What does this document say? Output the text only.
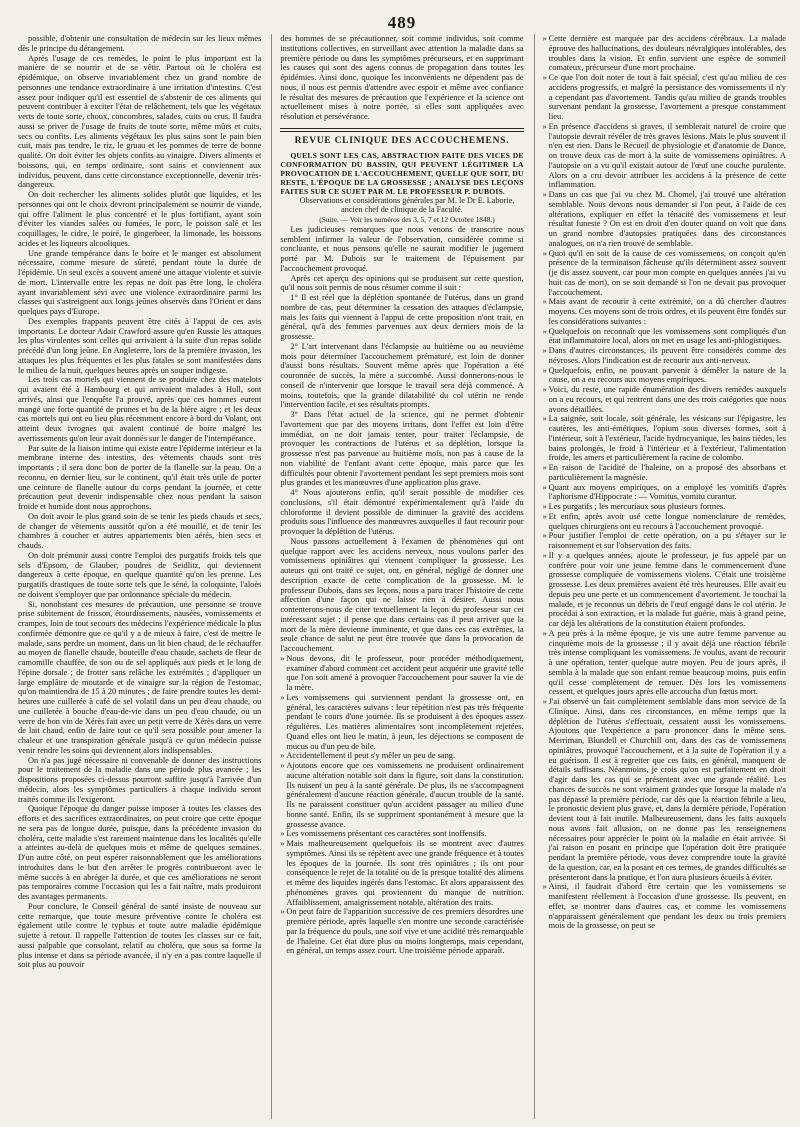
489

possible, d'obtenir une consultation de médecin sur les lieux mêmes dès le principe du dérangement.

Après l'usage de ces remèdes, le point le plus important est la manière de se nourrir et de se vêtir. Partout où le choléra est épidémique, on observe invariablement chez un grand nombre de personnes une tendance extraordinaire à une irritation d'intestins. C'est assez pour indiquer qu'il est essentiel de s'abstenir de ces aliments qui peuvent contribuer à exciter l'état de relâchement, tels que les végétaux verts de toute sorte, choux, concombres, salades, cuits ou crus. Il faudra aussi se priver de l'usage de fruits de toute sorte, même mûrs et cuits, secs ou confits. Les aliments végétaux les plus sains sont le pain bien cuit, mais pas tendre, le riz, le gruau et les pommes de terre de bonne qualité. On doit éviter les objets confits au vinaigre. Divers aliments et boissons, qui, en temps ordinaire, sont sains et conviennent aux individus, peuvent, dans cette circonstance exceptionnelle, devenir très-dangereux.

On doit rechercher les aliments solides plutôt que liquides, et les personnes qui ont le choix devront principalement se nourrir de viande, qui offre l'aliment le plus concentré et le plus fortifiant, ayant soin d'éviter les viandes salées ou fumées, le porc, le poisson salé et les coquillages, le cidre, le poiré, le gingerbeer, la limonade, les boissons acides et les liqueurs alcooliques.

Une grande tempérance dans le boire et le manger est absolument nécessaire, comme mesure de sûreté, pendant toute la durée de l'épidémie. Un seul excès a souvent amené une attaque violente et suivie de mort. L'intervalle entre les repas ne doit pas être long, le choléra ayant invariablement sévi avec une violence extraordinaire parmi les classes qui s'astreignent aux longs jeûnes observés dans l'Orient et dans quelques pays d'Europe.

Des exemples frappants peuvent être cités à l'appui de ces avis importants. Le docteur Adair Crawford assure qu'en Russie les attaques les plus virulentes sont celles qui arrivaient à la suite d'un repas solide précédé d'un long jeûne. En Angleterre, lors de la première invasion, les attaques les plus fréquentes et les plus fatales se sont manifestées dans le milieu de la nuit, quelques heures après un souper indigeste.

Les trois cas mortels qui viennent de se produire chez des matelots qui avaient été à Hambourg et qui arrivaient malades à Hull, sont arrivés, ainsi que l'enquête l'a prouvé, après que ces hommes eurent mangé une forte quantité de prunes et bu de la bière aigre ; et les deux cas mortels qui ont eu lieu plus récemment encore à bord du Volant, ont atteint deux ivrognes qui avaient continué de boire malgré les avertissements qu'on leur avait donnés sur le danger de l'intempérance.

Par suite de la liaison intime qui existe entre l'épiderme intérieur et la membrane interne des intestins, des vêtements chauds sont très importants ; il sera donc bon de porter de la flanelle sur la peau. On a reconnu, en dernier lieu, sur le continent, qu'il était très utile de porter une ceinture de flanelle autour du corps pendant la journée, et cette précaution peut devenir indispensable chez nous pendant la saison froide et humide dont nous approchons.

On doit avoir le plus grand soin de se tenir les pieds chauds et secs, de changer de vêtements aussitôt qu'on a été mouillé, et de tenir les chambres à coucher et autres appartements bien aérés, bien secs et chauds.

On doit prémunir aussi contre l'emploi des purgatifs froids tels que sels d'Epsom, de Glauber, poudres de Seidlitz, qui deviennent dangereux à cette époque, en quelque quantité qu'on les prenne. Les purgatifs drastiques de toute sorte tels que le séné, la coloquinte, l'aloès ne doivent s'employer que par ordonnance spéciale du médecin.

Si, nonobstant ces mesures de précaution, une personne se trouve prise subitement de frisson, étourdissements, nausées, vomissements et crampes, loin de tout secours des médecins l'expérience médicale la plus confirmée démontre que ce qu'il y a de mieux à faire, c'est de mettre le malade, sans perdre un moment, dans un lit bien chaud, de le réchauffer au moyen de flanelle chaude, bouteille d'eau chaude, sachets de fleur de camomille chauffée, de son ou de sel appliqués aux pieds et le long de l'épine dorsale ; de frotter sans relâche les extrémités ; d'appliquer un large emplâtre de moutarde et de vinaigre sur la région de l'estomac, qu'on maintiendra de 15 à 20 minutes ; de faire prendre toutes les demi-heures une cuillerée à café de sel volatil dans un peu d'eau chaude, ou une cuillerée à bouche d'eau-de-vie dans un peu d'eau chaude, ou un verre de bon vin de Xérès fait avec un petit verre de Xérès dans un verre de lait chaud, enfin de faire tout ce qu'il sera possible pour amener la chaleur et une transpiration générale jusqu'à ce qu'un médecin puisse venir rendre les soins qui deviennent alors indispensables.

On n'a pas jugé nécessaire ni convenable de donner des instructions pour le traitement de la maladie dans une période plus avancée ; les dispositions proposées ci-dessus pourront suffire jusqu'à l'arrivée d'un médecin, alors les symptômes particuliers à chaque individu seront traités comme ils l'exigeront.

Quoique l'époque du danger puisse imposer à toutes les classes des efforts et des sacrifices extraordinaires, on peut croire que cette époque ne sera pas de longue durée, puisque, dans la précédente invasion du choléra, cette maladie s'est rarement maintenue dans les localités qu'elle a atteintes au-delà de quelques mois et même de quelques semaines. D'un autre côté, on peut espérer raisonnablement que les améliorations introduites dans le but d'en arrêter le progrès contribueront avec le même succès à en abréger la durée, et que ces améliorations ne seront pas temporaires comme l'occasion qui les a fait naître, mais produiront des avantages permanents.

Pour conclure, le Conseil général de santé insiste de nouveau sur cette remarque, que toute mesure préventive contre le choléra est également utile contre le typhus et toute autre maladie épidémique sujette à retour. Il rappelle l'attention de toutes les classes sur ce fait, aussi palpable que consolant, relatif au choléra, que sous sa forme la plus intense et dans sa période avancée, il n'y en a pas contre laquelle il soit plus au pouvoir

des hommes de se précautionner, soit comme individus, soit comme institutions collectives, en surveillant avec attention la maladie dans sa première période ou dans les symptômes précurseurs, et en supprimant les causes qui sont des agens connus de propagation dans toutes les épidémies. Ainsi donc, quoique les inconvénients ne dépendent pas de nous, il nous est permis d'attendre avec espoir et même avec confiance le résultat des mesures de précaution que l'expérience et la science ont actuellement mises à notre portée, si elles sont appliquées avec résolution et persévérance.

REVUE CLINIQUE DES ACCOUCHEMENS.

QUELS SONT LES CAS, ABSTRACTION FAITE DES VICES DE CONFORMATION DU BASSIN, QUI PEUVENT LÉGITIMER LA PROVOCATION DE L'ACCOUCHEMENT, QUELLE QUE SOIT, DU RESTE, L'ÉPOQUE DE LA GROSSESSE ; ANALYSE DES LEÇONS FAITES SUR CE SUJET PAR M. LE PROFESSEUR P. DUBOIS.

Observations et considérations générales par M. le Dr E. Laborie, ancien chef de clinique de la Faculté.

(Suite. — Voir les numéros des 3, 5, 7 et 12 Octobre 1848.)

Les judicieuses remarques que nous venons de transcrire nous semblent infirmer la valeur de l'observation, considérée comme si concluante, et nous pensons qu'elle ne saurait modifier le jugement porté par M. Dubois sur le traitement de l'épuisement par l'accouchement provoqué.

Après cet aperçu des opinions qui se produisent sur cette question, qu'il nous soit permis de nous résumer comme il suit :

1° Il est réel que la déplétion spontanée de l'utérus, dans un grand nombre de cas, peut déterminer la cessation des attaques d'éclampsie, mais les faits qui viennent à l'appui de cette proposition n'ont trait, en général, qu'à des femmes parvenues aux deux derniers mois de la grossesse.

2° L'art intervenant dans l'éclampsie au huitième ou au neuvième mois pour déterminer l'accouchement prématuré, est loin de donner d'aussi bons résultats. Souvent même après que l'opération a été couronnée de succès, la mère a succombé. Aussi donnerons-nous le conseil de n'intervenir que lorsque le travail sera déjà commencé. A moins, toutefois, que la grande dilatabilité du col utérin ne rende l'intervention facile, et ses résultats prompts.

3° Dans l'état actuel de la science, qui ne permet d'obtenir l'avortement que par des moyens irritans, dont l'effet est loin d'être immédiat, on ne doit jamais tenter, pour traiter l'éclampsie, de provoquer les contractions de l'utérus et sa déplétion, lorsque la grossesse n'est pas parvenue au huitième mois, non pas à cause de la non viabilité de l'enfant avant cette époque, mais parce que les difficultés pour obtenir l'avortement pendant les sept premiers mois sont plus grandes et les manœuvres d'une application plus grave.

4° Nous ajouterons enfin, qu'il serait possible de modifier ces conclusions, s'il était démontré expérimentalement qu'à l'aide du chloroforme il devient possible de diminuer la gravité des accidens produits sous l'influence des manœuvres auxquelles il faut recourir pour provoquer la déplétion de l'utérus.

Nous passons actuellement à l'examen de phénomènes qui ont quelque rapport avec les accidens nerveux, nous voulons parler des vomissemens opiniâtres qui viennent compliquer la grossesse. Les auteurs qui ont traité ce sujet, ont, en général, négligé de donner une description exacte de cette complication de la grossesse. M. le professeur Dubois, dans ses leçons, nous a paru tracer l'histoire de cette affection d'une façon qui ne laisse rien à désirer. Aussi nous contenterons-nous de citer textuellement la leçon du professeur sur cet intéressant sujet ; il pense que dans certains cas il peut arriver que la mort de la mère devienne imminente, et que dans ces cas extrêmes, la seule chance de salut ne peut être trouvée que dans la provocation de l'accouchement.

» Nous devons, dit le professeur, pour procéder méthodiquement, examiner d'abord comment cet accident peut acquérir une gravité telle que l'on soit amené à provoquer l'accouchement pour sauver la vie de la mère.

» Les vomissemens qui surviennent pendant la grossesse ont, en général, les caractères suivans : leur répétition n'est pas très fréquente pendant le cours d'une journée. Ils se produisent à des époques assez régulières. Les matières alimentaires sont incomplètement rejetées. Quand elles ont lieu le matin, à jeun, les déjections se composent de mucus ou d'un peu de bile.

» Accidentellement il peut s'y mêler un peu de sang.

» Ajoutons encore que ces vomissemens ne produisent ordinairement aucune altération notable soit dans la figure, soit dans la constitution. Ils nuisent un peu à la santé générale. De plus, ils ne s'accompagnent généralement d'aucune réaction générale, d'aucun trouble de la santé. Ils ne paraissent constituer qu'un accident passager au milieu d'une bonne santé. Enfin, ils se suppriment spontanément à mesure que la grossesse avance.

» Les vomissemens présentant ces caractères sont inoffensifs.

» Mais malheureusement quelquefois ils se montrent avec d'autres symptômes. Ainsi ils se répètent avec une grande fréquence et à toutes les époques de la journée. Ils sont très opiniâtres ; ils ont pour conséquence le rejet de la totalité ou de la presque totalité des alimens et même des liquides ingérés dans l'estomac. Et alors apparaissent des phénomènes graves qui proviennent du manque de nutrition. Affaiblissement, amaigrissement notable, altération des traits.

» On peut faire de l'apparition successive de ces premiers désordres une première période, après laquelle s'en montre une seconde caractérisée par la fréquence du pouls, une soif vive et une acidité très remarquable de l'haleine. Cet état dure plus ou moins longtemps, mais cependant, en général, un temps assez court. Une troisième période apparaît.

» Cette dernière est marquée par des accidens cérébraux. La malade éprouve des hallucinations, des douleurs névralgiques intolérables, des troubles dans la vision. Et enfin survient une espèce de sommeil comateux, précurseur d'une mort prochaine.

» Ce que l'on doit noter de tout à fait spécial, c'est qu'au milieu de ces accidens progressifs, et malgré la persistance des vomissements il n'y a cependant pas d'avortement. Tandis qu'au milieu de grands troubles survenant pendant la grossesse, l'avortement a presque constamment lieu.

» En présence d'accidens si graves, il semblerait naturel de croire que l'autopsie devrait révéler de très graves lésions. Mais le plus souvent il n'en est rien. Dans le Recueil de physiologie et d'anatomie de Dance, on trouve deux cas de mort à la suite de vomissemens opiniâtres. A l'autopsie on a vu qu'il existait autour de l'œuf une couche purulente. Alors on a cru devoir attribuer les accidens à la présence de cette inflammation.

» Dans un cas que j'ai vu chez M. Chomel, j'ai trouvé une altération semblable. Nous devons nous demander si l'on peut, à l'aide de ces altérations, expliquer en effet la ténacité des vomissemens et leur résultat funeste ? On est en droit d'en douter quand on voit que dans un grand nombre d'autopsies pratiquées dans des circonstances analogues, on n'a rien trouvé de semblable.

» Quoi qu'il en soit de la cause de ces vomissemens, on conçoit qu'en présence de la terminaison fâcheuse qu'ils déterminent assez souvent (je dis assez souvent, car pour mon compte en quelques années j'ai vu huit cas de mort), on se soit demandé si l'on ne devait pas provoquer l'accouchement.

» Mais avant de recourir à cette extrémité, on a dû chercher d'autres moyens. Ces moyens sont de trois ordres, et ils peuvent être fondés sur les considérations suivantes :

» Quelquefois on reconnaît que les vomissemens sont compliqués d'un état inflammatoire local, alors on met en usage les anti-phlogistiques.

» Dans d'autres circonstances, ils peuvent être considérés comme des névroses. Alors l'indication est de recourir aux anti-nerveux.

» Quelquefois, enfin, ne pouvant parvenir à démêler la nature de la cause, on a eu recours aux moyens empiriques.

» Voici, du reste, une rapide énumération des divers remèdes auxquels on a eu recours, et qui rentrent dans une des trois catégories que nous avons détaillées.

» La saignée, soit locale, soit générale, les vésicans sur l'épigastre, les cautères, les anti-émétiques, l'opium sous diverses formes, soit à l'intérieur, soit à l'extérieur, l'acide hydrocyanique, les bains tièdes, les bains prolongés, le froid à l'intérieur et à l'extérieur, l'alimentation froide, les amers et particulièrement la racine de colombo.

» En raison de l'acidité de l'haleine, on a proposé des absorbans et particulièrement la magnésie.

» Quant aux moyens empiriques, on a employé les vomitifs d'après l'aphorisme d'Hippocrate : — Vomitus, vomitu curantur.

» Les purgatifs ; les mercuriaux sous plusieurs formes.

» Et enfin, après avoir usé cette longue nomenclature de remèdes, quelques chirurgiens ont eu recours à l'accouchement provoqué.

» Pour justifier l'emploi de cette opération, on a pu s'étayer sur le raisonnement et sur l'observation des faits.

» Il y a quelques années, ajoute le professeur, je fus appelé par un confrère pour voir une jeune femme dans le commencement d'une grossesse compliquée de vomissemens violens. C'était une troisième grossesse. Les deux premières avaient été très heureuses. Elle avait eu depuis peu une perte et un commencement d'avortement. Je touchai la malade, et je reconnus un débris de l'œuf engagé dans le col utérin. Je procédai à son extraction, et la malade fut guérie, mais à grand peine, car déjà les altérations de la constitution étaient profondes.

» A peu près à la même époque, je vis une autre femme parvenue au cinquième mois de la grossesse ; il y avait déjà une réaction fébrile très intense compliquant les vomissemens. Je voulus, avant de recourir à une opération, tenter quelque autre moyen. Peu de jours après, il sembla à la malade que son enfant remue beaucoup moins, puis enfin qu'il cesse complètement de remuer. Dès lors les vomissemens cessent, et quelques jours après elle accoucha d'un fœtus mort.

» J'ai observé un fait complètement semblable dans mon service de la Clinique. Ainsi, dans ces circonstances, en même temps que la déplétion de l'utérus s'effectuait, cessaient aussi les vomissemens. Ajoutons que l'expérience a paru prononcer dans le même sens. Merriman, Blundell et Churchill ont, dans des cas de vomissemens opiniâtres, provoqué l'accouchement, et à la suite de l'opération il y a eu guérison. Il est à regretter que ces faits, en général, manquent de détails suffisans. Néanmoins, je crois qu'on est parfaitement en droit d'agir dans les cas qui se présentent avec une grande réalité. Les chances de succès ne sont vraiment grandes que lorsque la malade n'a pas dépassé la première période, car dès que la réaction fébrile a lieu, le pronostic devient plus grave, et, dans la dernière période, l'opération devient tout à fait inutile. Malheureusement, dans les faits auxquels nous avons fait allusion, on ne donne pas les renseignemens nécessaires pour apprécier le point où la maladie en était arrivée. Si j'ai raison en posant en principe que l'opération doit être pratiquée pendant la première période, vous devez comprendre toute la gravité de la question, car, en la posant en ces termes, de grandes difficultés se présenteront dans la pratique, et l'on aura plusieurs écueils à éviter.

» Ainsi, il faudrait d'abord être certain que les vomissemens se manifestent réellement à l'occasion d'une grossesse. Ils peuvent, en effet, se montrer dans d'autres cas, et comme les vomissemens n'apparaissent généralement que pendant les deux ou trois premiers mois de la grossesse, on peut se
